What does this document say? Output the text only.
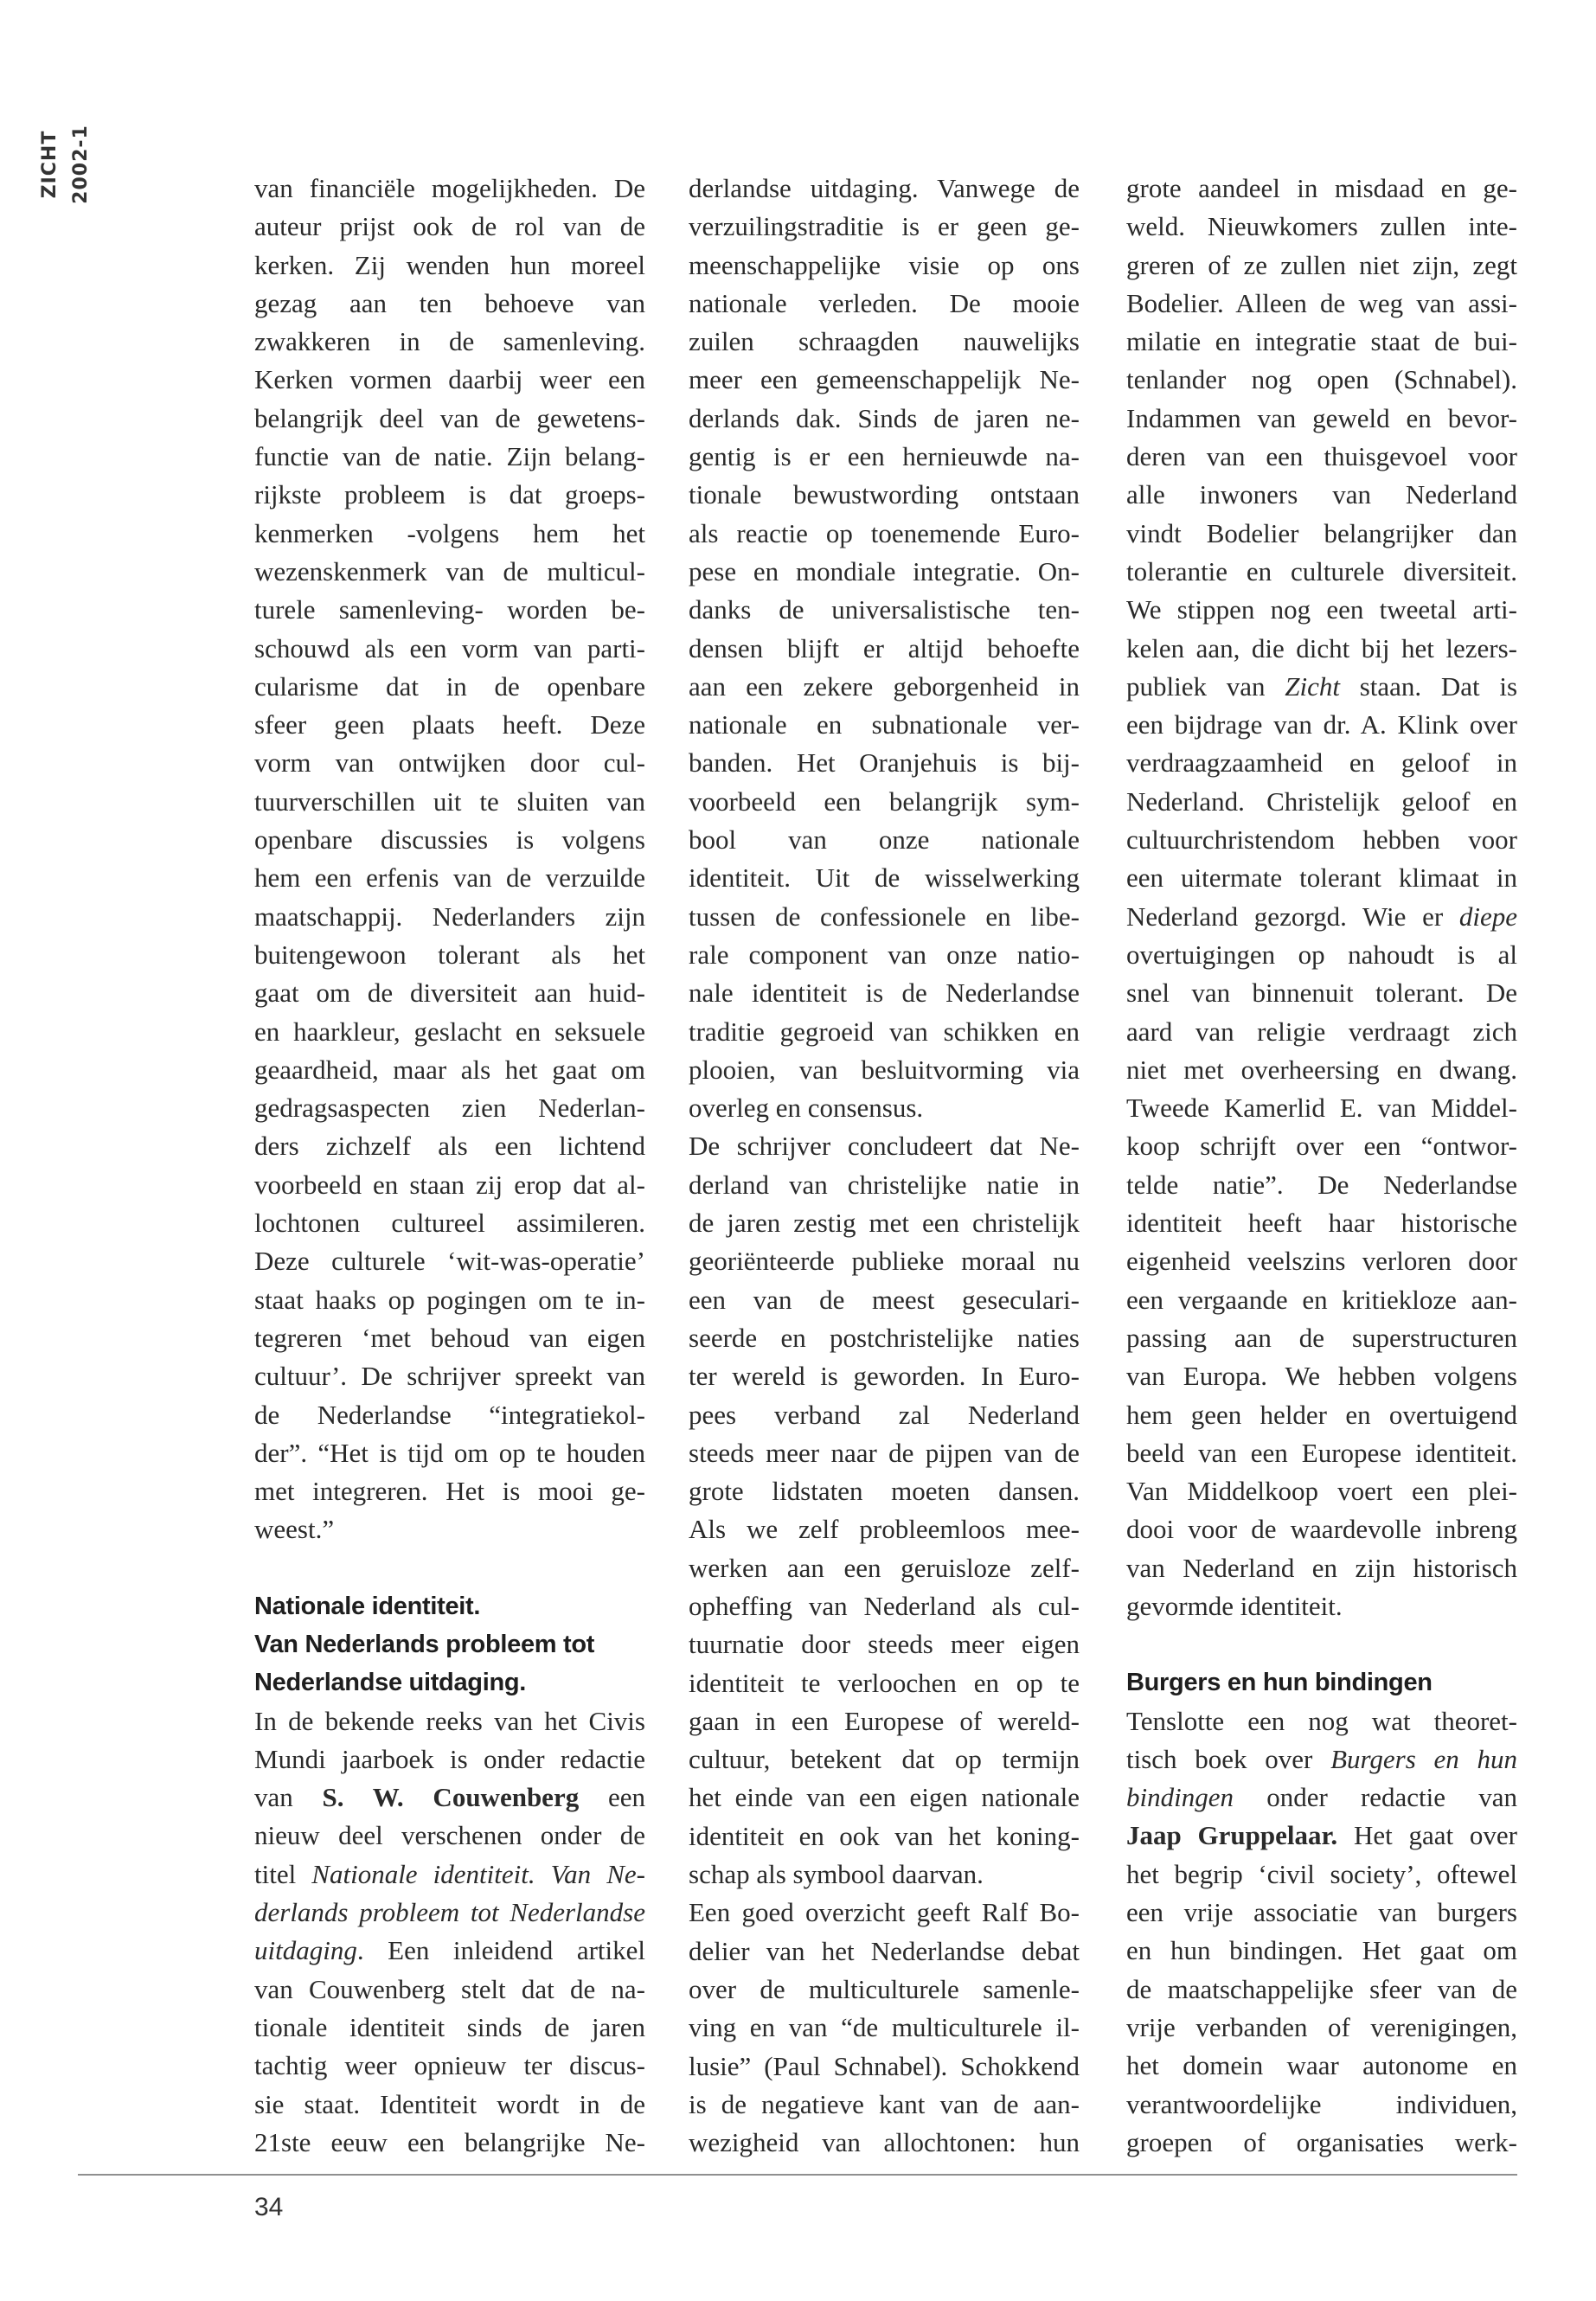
ZICHT 2002-1	van financiële mogelijkheden. De
auteur prijst ook de rol van de
kerken. Zij wenden hun moreel
gezag aan ten behoeve van
zwakkeren in de samenleving.
Kerken vormen daarbij weer een
belangrijk deel van de gewetens-
functie van de natie. Zijn belang-
rijkste probleem is dat groeps-
kenmerken -volgens hem het
wezenskenmerk van de multicul-
turele samenleving- worden be-
schouwd als een vorm van parti-
cularisme dat in de openbare
sfeer geen plaats heeft. Deze
vorm van ontwijken door cul-
tuurverschillen uit te sluiten van
openbare discussies is volgens
hem een erfenis van de verzuilde
maatschappij. Nederlanders zijn
buitengewoon tolerant als het
gaat om de diversiteit aan huid-
en haarkleur, geslacht en seksuele
geaardheid, maar als het gaat om
gedragsaspecten zien Nederlan-
ders zichzelf als een lichtend
voorbeeld en staan zij erop dat al-
lochtonen cultureel assimileren.
Deze culturele ‘wit-was-operatie’
staat haaks op pogingen om te in-
tegreren ‘met behoud van eigen
cultuur’. De schrijver spreekt van
de Nederlandse “integratiekol-
der”. “Het is tijd om op te houden
met integreren. Het is mooi ge-
weest.”
Nationale identiteit.
Van Nederlands probleem tot
Nederlandse uitdaging.
In de bekende reeks van het Civis
Mundi jaarboek is onder redactie
van S. W. Couwenberg een
nieuw deel verschenen onder de
titel Nationale identiteit. Van Ne-
derlands probleem tot Nederlandse
uitdaging. Een inleidend artikel
van Couwenberg stelt dat de na-
tionale identiteit sinds de jaren
tachtig weer opnieuw ter discus-
sie staat. Identiteit wordt in de
21ste eeuw een belangrijke Ne-
derlandse uitdaging. Vanwege de
verzuilingstraditie is er geen ge-
meenschappelijke visie op ons
nationale verleden. De mooie
zuilen schraagden nauwelijks
meer een gemeenschappelijk Ne-
derlands dak. Sinds de jaren ne-
gentig is er een hernieuwde na-
tionale bewustwording ontstaan
als reactie op toenemende Euro-
pese en mondiale integratie. On-
danks de universalistische ten-
densen blijft er altijd behoefte
aan een zekere geborgenheid in
nationale en subnationale ver-
banden. Het Oranjehuis is bij-
voorbeeld een belangrijk sym-
bool van onze nationale
identiteit. Uit de wisselwerking
tussen de confessionele en libe-
rale component van onze natio-
nale identiteit is de Nederlandse
traditie gegroeid van schikken en
plooien, van besluitvorming via
overleg en consensus.
De schrijver concludeert dat Ne-
derland van christelijke natie in
de jaren zestig met een christelijk
georiënteerde publieke moraal nu
een van de meest geseculari-
seerde en postchristelijke naties
ter wereld is geworden. In Euro-
pees verband zal Nederland
steeds meer naar de pijpen van de
grote lidstaten moeten dansen.
Als we zelf probleemloos mee-
werken aan een geruisloze zelf-
opheffing van Nederland als cul-
tuurnatie door steeds meer eigen
identiteit te verloochen en op te
gaan in een Europese of wereld-
cultuur, betekent dat op termijn
het einde van een eigen nationale
identiteit en ook van het koning-
schap als symbool daarvan.
Een goed overzicht geeft Ralf Bo-
delier van het Nederlandse debat
over de multiculturele samenle-
ving en van “de multiculturele il-
lusie” (Paul Schnabel). Schokkend
is de negatieve kant van de aan-
wezigheid van allochtonen: hun
grote aandeel in misdaad en ge-
weld. Nieuwkomers zullen inte-
greren of ze zullen niet zijn, zegt
Bodelier. Alleen de weg van assi-
milatie en integratie staat de bui-
tenlander nog open (Schnabel).
Indammen van geweld en bevor-
deren van een thuisgevoel voor
alle inwoners van Nederland
vindt Bodelier belangrijker dan
tolerantie en culturele diversiteit.
We stippen nog een tweetal arti-
kelen aan, die dicht bij het lezers-
publiek van Zicht staan. Dat is
een bijdrage van dr. A. Klink over
verdraagzaamheid en geloof in
Nederland. Christelijk geloof en
cultuurchristendom hebben voor
een uitermate tolerant klimaat in
Nederland gezorgd. Wie er diepe
overtuigingen op nahoudt is al
snel van binnenuit tolerant. De
aard van religie verdraagt zich
niet met overheersing en dwang.
Tweede Kamerlid E. van Middel-
koop schrijft over een “ontwor-
telde natie”. De Nederlandse
identiteit heeft haar historische
eigenheid veelszins verloren door
een vergaande en kritiekloze aan-
passing aan de superstructuren
van Europa. We hebben volgens
hem geen helder en overtuigend
beeld van een Europese identiteit.
Van Middelkoop voert een plei-
dooi voor de waardevolle inbreng
van Nederland en zijn historisch
gevormde identiteit.
Burgers en hun bindingen
Tenslotte een nog wat theoret-
tisch boek over Burgers en hun
bindingen onder redactie van
Jaap Gruppelaar. Het gaat over
het begrip ‘civil society’, oftewel
een vrije associatie van burgers
en hun bindingen. Het gaat om
de maatschappelijke sfeer van de
vrije verbanden of verenigingen,
het domein waar autonome en
verantwoordelijke individuen,
groepen of organisaties werk-
34
